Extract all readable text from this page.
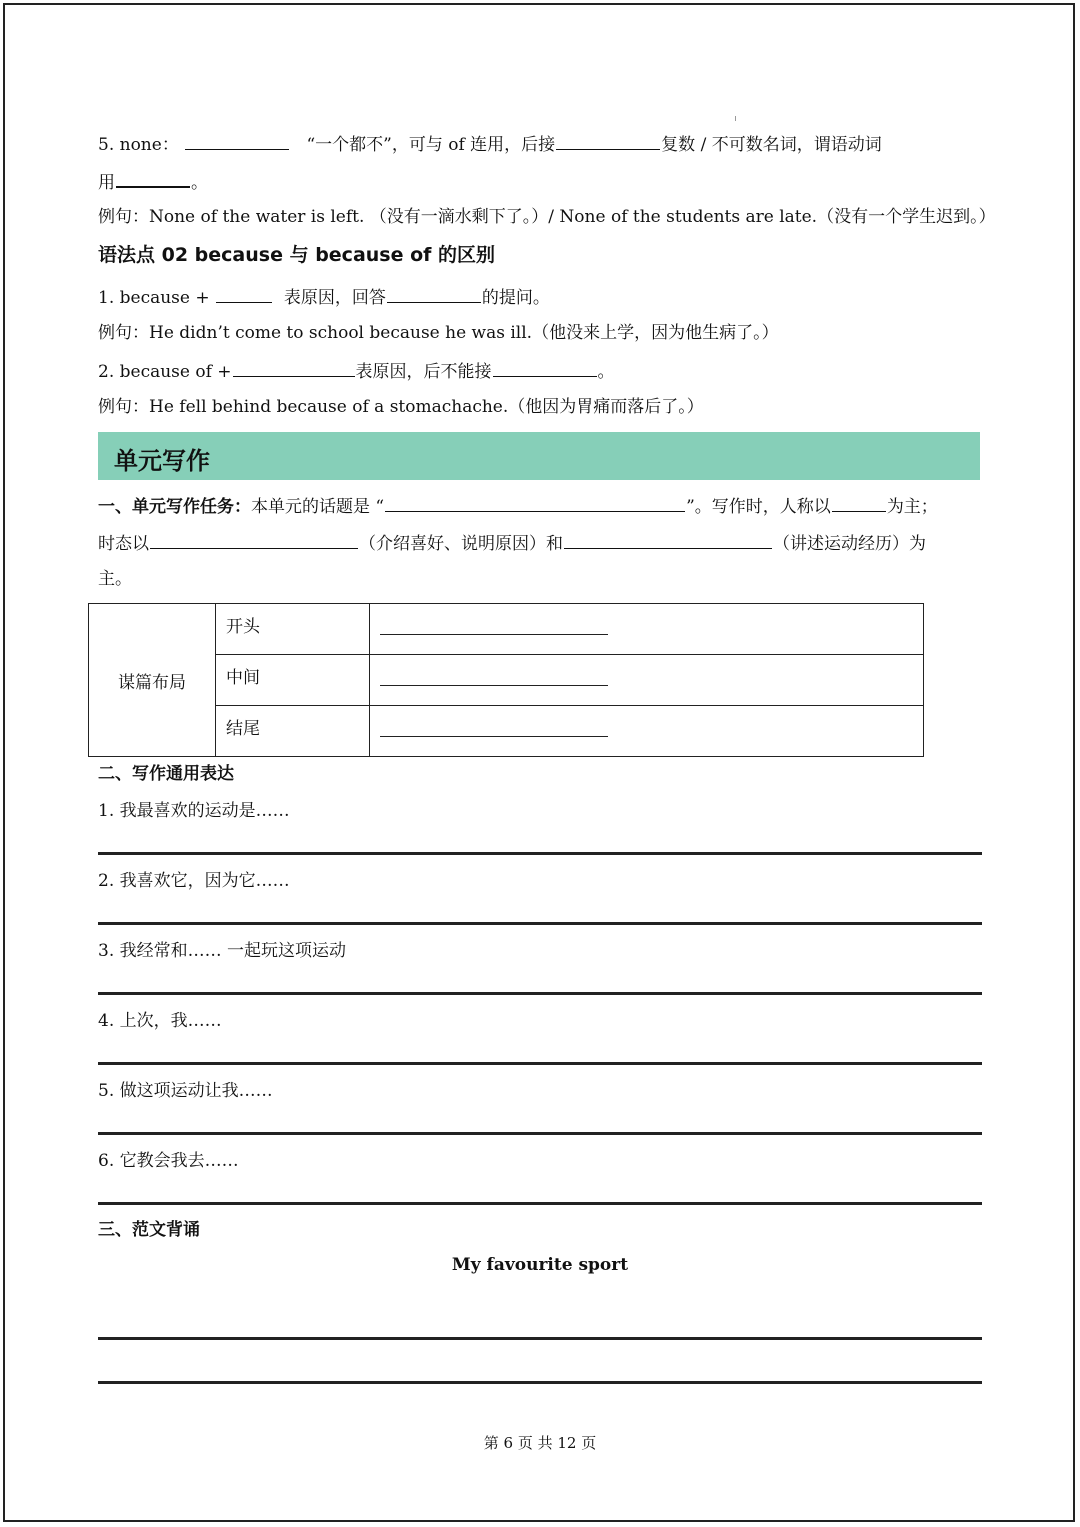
5. none：	“一个都不”，可与 of 连用，后接	复数 / 不可数名词，谓语动词
用	。
例句：None of the water is left. （没有一滴水剩下了。）/ None of the students are late.（没有一个学生迟到。）
语法点 02 because 与 because of 的区别
1. because +	表原因，回答	的提问。
例句：He didn’t come to school because he was ill.（他没来上学，因为他生病了。）
2. because of +	表原因，后不能接	。
例句：He fell behind because of a stomachache.（他因为胃痛而落后了。）
单元写作
一、单元写作任务：本单元的话题是 “	”。写作时，人称以	为主；
时态以	（介绍喜好、说明原因）和	（讲述运动经历）为
主。
谋篇布局	开头	

	中间	

	结尾	
二、写作通用表达
1. 我最喜欢的运动是……
2. 我喜欢它，因为它……
3. 我经常和…… 一起玩这项运动
4. 上次，我……
5. 做这项运动让我……
6. 它教会我去……
三、范文背诵
My favourite sport
第 6 页 共 12 页
